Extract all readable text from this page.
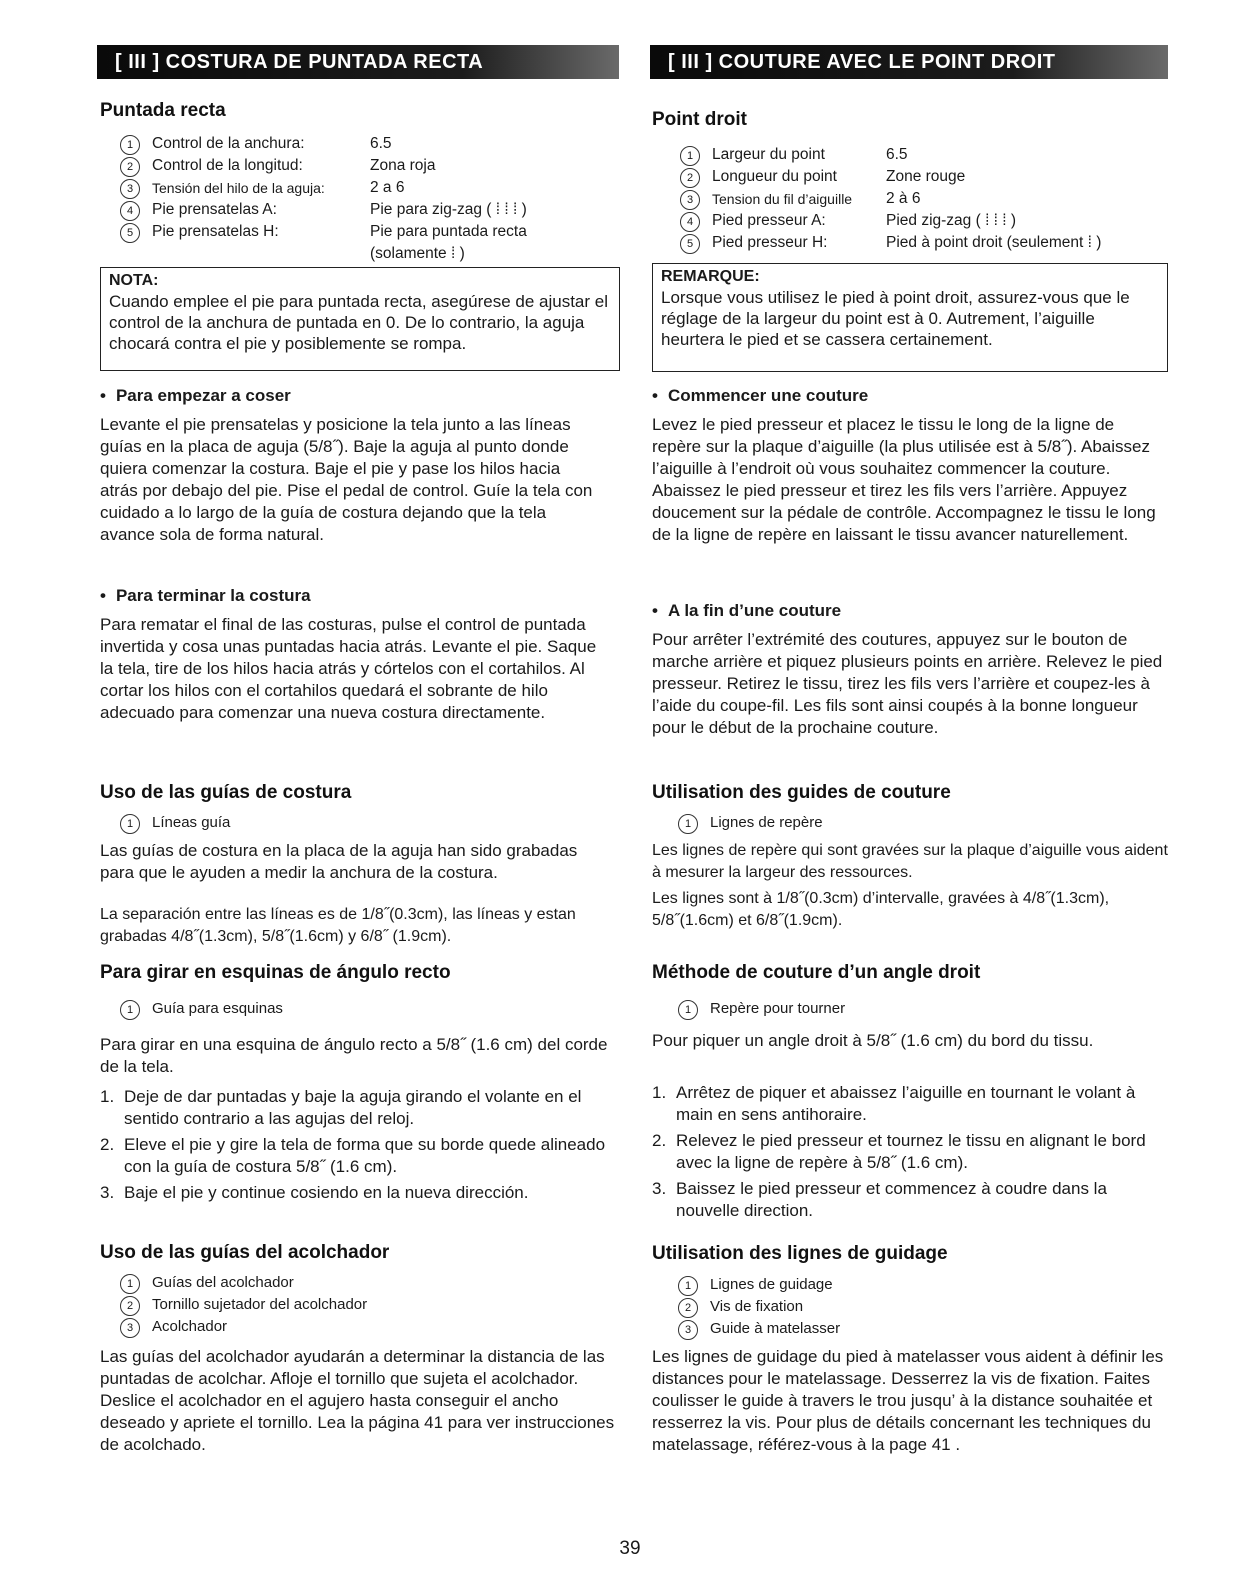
[ III ] COSTURA DE PUNTADA RECTA
Puntada recta
1	Control de la anchura:	6.5
2	Control de la longitud:	Zona roja
3	Tensión del hilo de la aguja:	2 a 6
4	Pie prensatelas A:	Pie para zig-zag ( ⁞ ⁞ ⁞ )
5	Pie prensatelas H:	Pie para puntada recta
(solamente ⁞ )
NOTA:
Cuando emplee el pie para puntada recta, asegúrese de ajustar el control de la anchura de puntada en 0. De lo contrario, la aguja chocará contra el pie y posiblemente se rompa.
• Para empezar a coser

Levante el pie prensatelas y posicione la tela junto a las líneas guías en la placa de aguja (5/8˝). Baje la aguja al punto donde quiera comenzar la costura. Baje el pie y pase los hilos hacia atrás por debajo del pie. Pise el pedal de control. Guíe la tela con cuidado a lo largo de la guía de costura dejando que la tela avance sola de forma natural.

• Para terminar la costura

Para rematar el final de las costuras, pulse el control de puntada invertida y cosa unas puntadas hacia atrás. Levante el pie. Saque la tela, tire de los hilos hacia atrás y córtelos con el cortahilos. Al cortar los hilos con el cortahilos quedará el sobrante de hilo adecuado para comenzar una nueva costura directamente.

Uso de las guías de costura
1	Líneas guía

Las guías de costura en la placa de la aguja han sido grabadas para que le ayuden a medir la anchura de la costura.

La separación entre las líneas es de 1/8˝(0.3cm), las líneas y estan grabadas 4/8˝(1.3cm), 5/8˝(1.6cm) y 6/8˝ (1.9cm).

Para girar en esquinas de ángulo recto
1	Guía para esquinas

Para girar en una esquina de ángulo recto a 5/8˝ (1.6 cm) del corde de la tela.

1. Deje de dar puntadas y baje la aguja girando el volante en el sentido contrario a las agujas del reloj.
2. Eleve el pie y gire la tela de forma que su borde quede alineado con la guía de costura 5/8˝ (1.6 cm).
3. Baje el pie y continue cosiendo en la nueva dirección.
Uso de las guías del acolchador
1	Guías del acolchador
2	Tornillo sujetador del acolchador
3	Acolchador

Las guías del acolchador ayudarán a determinar la distancia de las puntadas de acolchar. Afloje el tornillo que sujeta el acolchador. Deslice el acolchador en el agujero hasta conseguir el ancho deseado y apriete el tornillo. Lea la página 41 para ver instrucciones de acolchado.

[ III ] COUTURE AVEC LE POINT DROIT
Point droit
1	Largeur du point	6.5
2	Longueur du point	Zone rouge
3	Tension du fil d’aiguille	2 à 6
4	Pied presseur A:	Pied zig-zag ( ⁞ ⁞ ⁞ )
5	Pied presseur H:	Pied à point droit (seulement ⁞ )
REMARQUE:
Lorsque vous utilisez le pied à point droit, assurez-vous que le réglage de la largeur du point est à 0. Autrement, l’aiguille heurtera le pied et se cassera certainement.
• Commencer une couture

Levez le pied presseur et placez le tissu le long de la ligne de repère sur la plaque d’aiguille (la plus utilisée est à 5/8˝). Abaissez l’aiguille à l’endroit où vous souhaitez commencer la couture. Abaissez le pied presseur et tirez les fils vers l’arrière. Appuyez doucement sur la pédale de contrôle. Accompagnez le tissu le long de la ligne de repère en laissant le tissu avancer naturellement.

• A la fin d’une couture

Pour arrêter l’extrémité des coutures, appuyez sur le bouton de marche arrière et piquez plusieurs points en arrière. Relevez le pied presseur. Retirez le tissu, tirez les fils vers l’arrière et coupez-les à l’aide du coupe-fil. Les fils sont ainsi coupés à la bonne longueur pour le début de la prochaine couture.

Utilisation des guides de couture
1	Lignes de repère

Les lignes de repère qui sont gravées sur la plaque d’aiguille vous aident à mesurer la largeur des ressources.

Les lignes sont à 1/8˝(0.3cm) d’intervalle, gravées à 4/8˝(1.3cm), 5/8˝(1.6cm) et 6/8˝(1.9cm).

Méthode de couture d’un angle droit
1	Repère pour tourner

Pour piquer un angle droit à 5/8˝ (1.6 cm) du bord du tissu.

1. Arrêtez de piquer et abaissez l’aiguille en tournant le volant à main en sens antihoraire.
2. Relevez le pied presseur et tournez le tissu en alignant le bord avec la ligne de repère à 5/8˝ (1.6 cm).
3. Baissez le pied presseur et commencez à coudre dans la nouvelle direction.
Utilisation des lignes de guidage
1	Lignes de guidage
2	Vis de fixation
3	Guide à matelasser

Les lignes de guidage du pied à matelasser vous aident à définir les distances pour le matelassage. Desserrez la vis de fixation. Faites coulisser le guide à travers le trou jusqu’ à la distance souhaitée et resserrez la vis. Pour plus de détails concernant les techniques du matelassage, référez-vous à la page 41 .

39
